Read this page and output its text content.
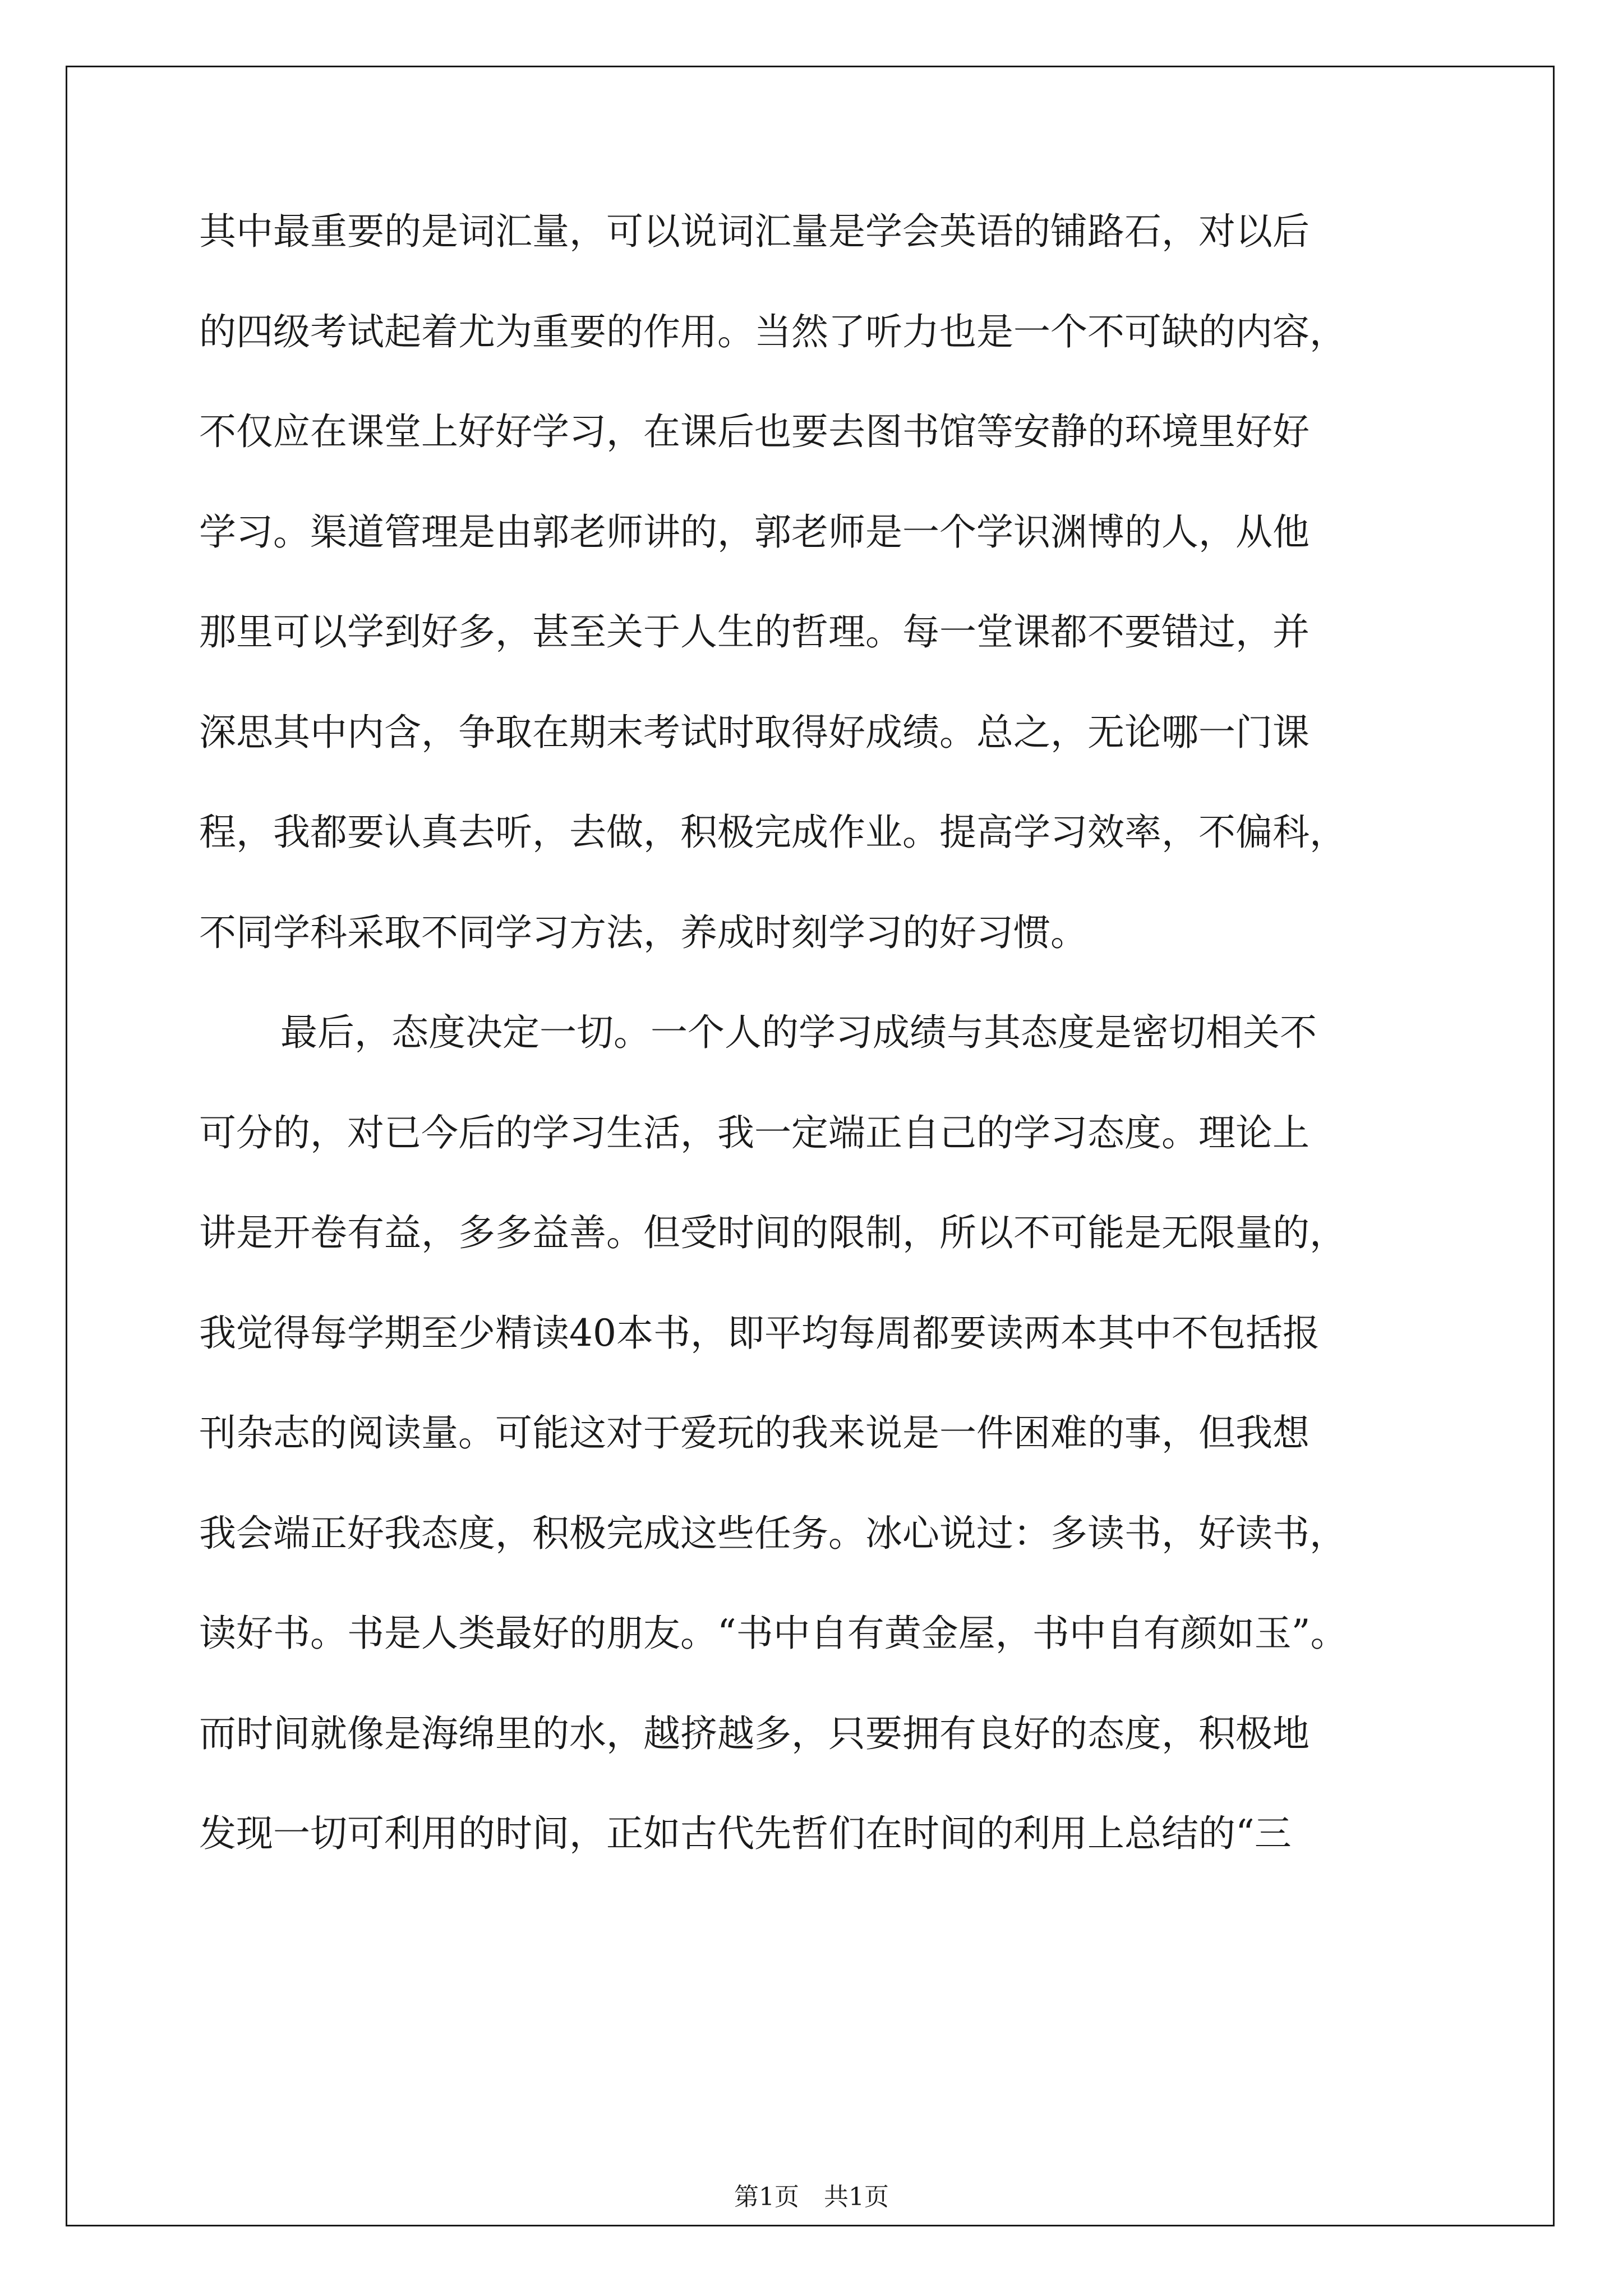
其中最重要的是词汇量，可以说词汇量是学会英语的铺路石，对以后
的四级考试起着尤为重要的作用。当然了听力也是一个不可缺的内容，
不仅应在课堂上好好学习，在课后也要去图书馆等安静的环境里好好
学习。渠道管理是由郭老师讲的，郭老师是一个学识渊博的人，从他
那里可以学到好多，甚至关于人生的哲理。每一堂课都不要错过，并
深思其中内含，争取在期末考试时取得好成绩。总之，无论哪一门课
程，我都要认真去听，去做，积极完成作业。提高学习效率，不偏科，
不同学科采取不同学习方法，养成时刻学习的好习惯。
最后，态度决定一切。一个人的学习成绩与其态度是密切相关不
可分的，对已今后的学习生活，我一定端正自己的学习态度。理论上
讲是开卷有益，多多益善。但受时间的限制，所以不可能是无限量的，
我觉得每学期至少精读40本书，即平均每周都要读两本其中不包括报
刊杂志的阅读量。可能这对于爱玩的我来说是一件困难的事，但我想
我会端正好我态度，积极完成这些任务。冰心说过：多读书，好读书，
读好书。书是人类最好的朋友。“书中自有黄金屋，书中自有颜如玉”。
而时间就像是海绵里的水，越挤越多，只要拥有良好的态度，积极地
发现一切可利用的时间，正如古代先哲们在时间的利用上总结的“三
第1页　共1页
